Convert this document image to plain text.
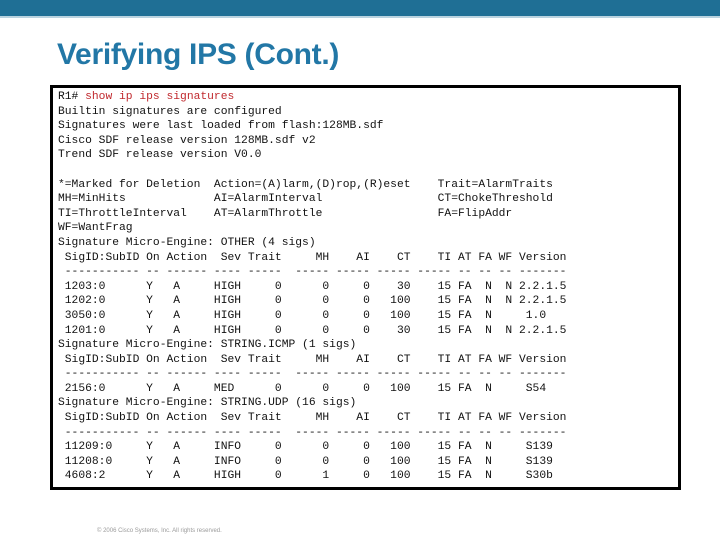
Verifying IPS (Cont.)
R1# show ip ips signatures
Builtin signatures are configured
Signatures were last loaded from flash:128MB.sdf
Cisco SDF release version 128MB.sdf v2
Trend SDF release version V0.0
*=Marked for Deletion  Action=(A)larm,(D)rop,(R)eset    Trait=AlarmTraits
MH=MinHits             AI=AlarmInterval                 CT=ChokeThreshold
TI=ThrottleInterval    AT=AlarmThrottle                 FA=FlipAddr
WF=WantFrag
Signature Micro-Engine: OTHER (4 sigs)
SigID:SubID On Action  Sev Trait     MH    AI    CT    TI AT FA WF Version
----------- -- ------ ---- -----  ----- ----- ----- ----- -- -- -- -------
1203:0      Y   A     HIGH     0      0     0    30    15 FA  N  N 2.2.1.5
1202:0      Y   A     HIGH     0      0     0   100    15 FA  N  N 2.2.1.5
3050:0      Y   A     HIGH     0      0     0   100    15 FA  N     1.0
1201:0      Y   A     HIGH     0      0     0    30    15 FA  N  N 2.2.1.5
Signature Micro-Engine: STRING.ICMP (1 sigs)
SigID:SubID On Action  Sev Trait     MH    AI    CT    TI AT FA WF Version
----------- -- ------ ---- -----  ----- ----- ----- ----- -- -- -- -------
2156:0      Y   A     MED      0      0     0   100    15 FA  N     S54
Signature Micro-Engine: STRING.UDP (16 sigs)
SigID:SubID On Action  Sev Trait     MH    AI    CT    TI AT FA WF Version
----------- -- ------ ---- -----  ----- ----- ----- ----- -- -- -- -------
11209:0     Y   A     INFO     0      0     0   100    15 FA  N     S139
11208:0     Y   A     INFO     0      0     0   100    15 FA  N     S139
4608:2      Y   A     HIGH     0      1     0   100    15 FA  N     S30b
© 2006 Cisco Systems, Inc. All rights reserved.
